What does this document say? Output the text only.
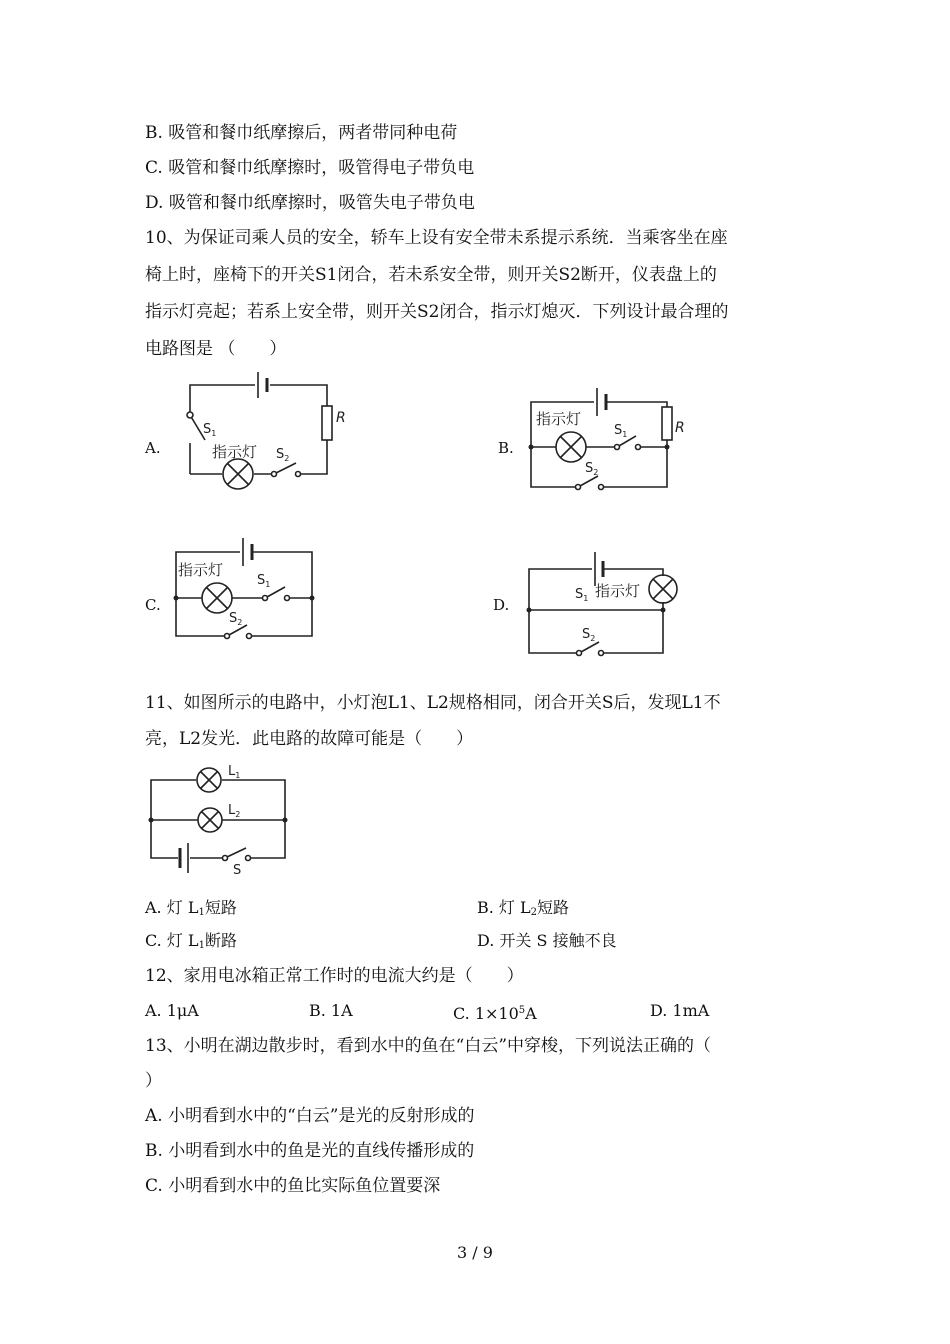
B. 吸管和餐巾纸摩擦后，两者带同种电荷
C. 吸管和餐巾纸摩擦时，吸管得电子带负电
D. 吸管和餐巾纸摩擦时，吸管失电子带负电
10、为保证司乘人员的安全，轿车上设有安全带未系提示系统．当乘客坐在座
椅上时，座椅下的开关S1闭合，若未系安全带，则开关S2断开，仪表盘上的
指示灯亮起；若系上安全带，则开关S2闭合，指示灯熄灭．下列设计最合理的
电路图是 （　　）
A.	B.
C.	D.
R
$S_1$
指示灯 $S_2$
指示灯
$S_1$	R
$S_2$
指示灯
$S_1$
$S_2$
$S_1$ 指示灯
$S_2$
11、如图所示的电路中，小灯泡L1、L2规格相同，闭合开关S后，发现L1不
亮，L2发光．此电路的故障可能是（　　）
$L_1$
$L_2$
S
A. 灯 $L_1$短路	B. 灯 $L_2$短路
C. 灯 $L_1$断路	D. 开关 S 接触不良
12、家用电冰箱正常工作时的电流大约是（　　）
A. 1μA	B. 1A	C. $1\times 10^5A$	D. 1mA
13、小明在湖边散步时，看到水中的鱼在“白云”中穿梭，下列说法正确的（
）
A. 小明看到水中的“白云”是光的反射形成的
B. 小明看到水中的鱼是光的直线传播形成的
C. 小明看到水中的鱼比实际鱼位置要深
3 / 9
